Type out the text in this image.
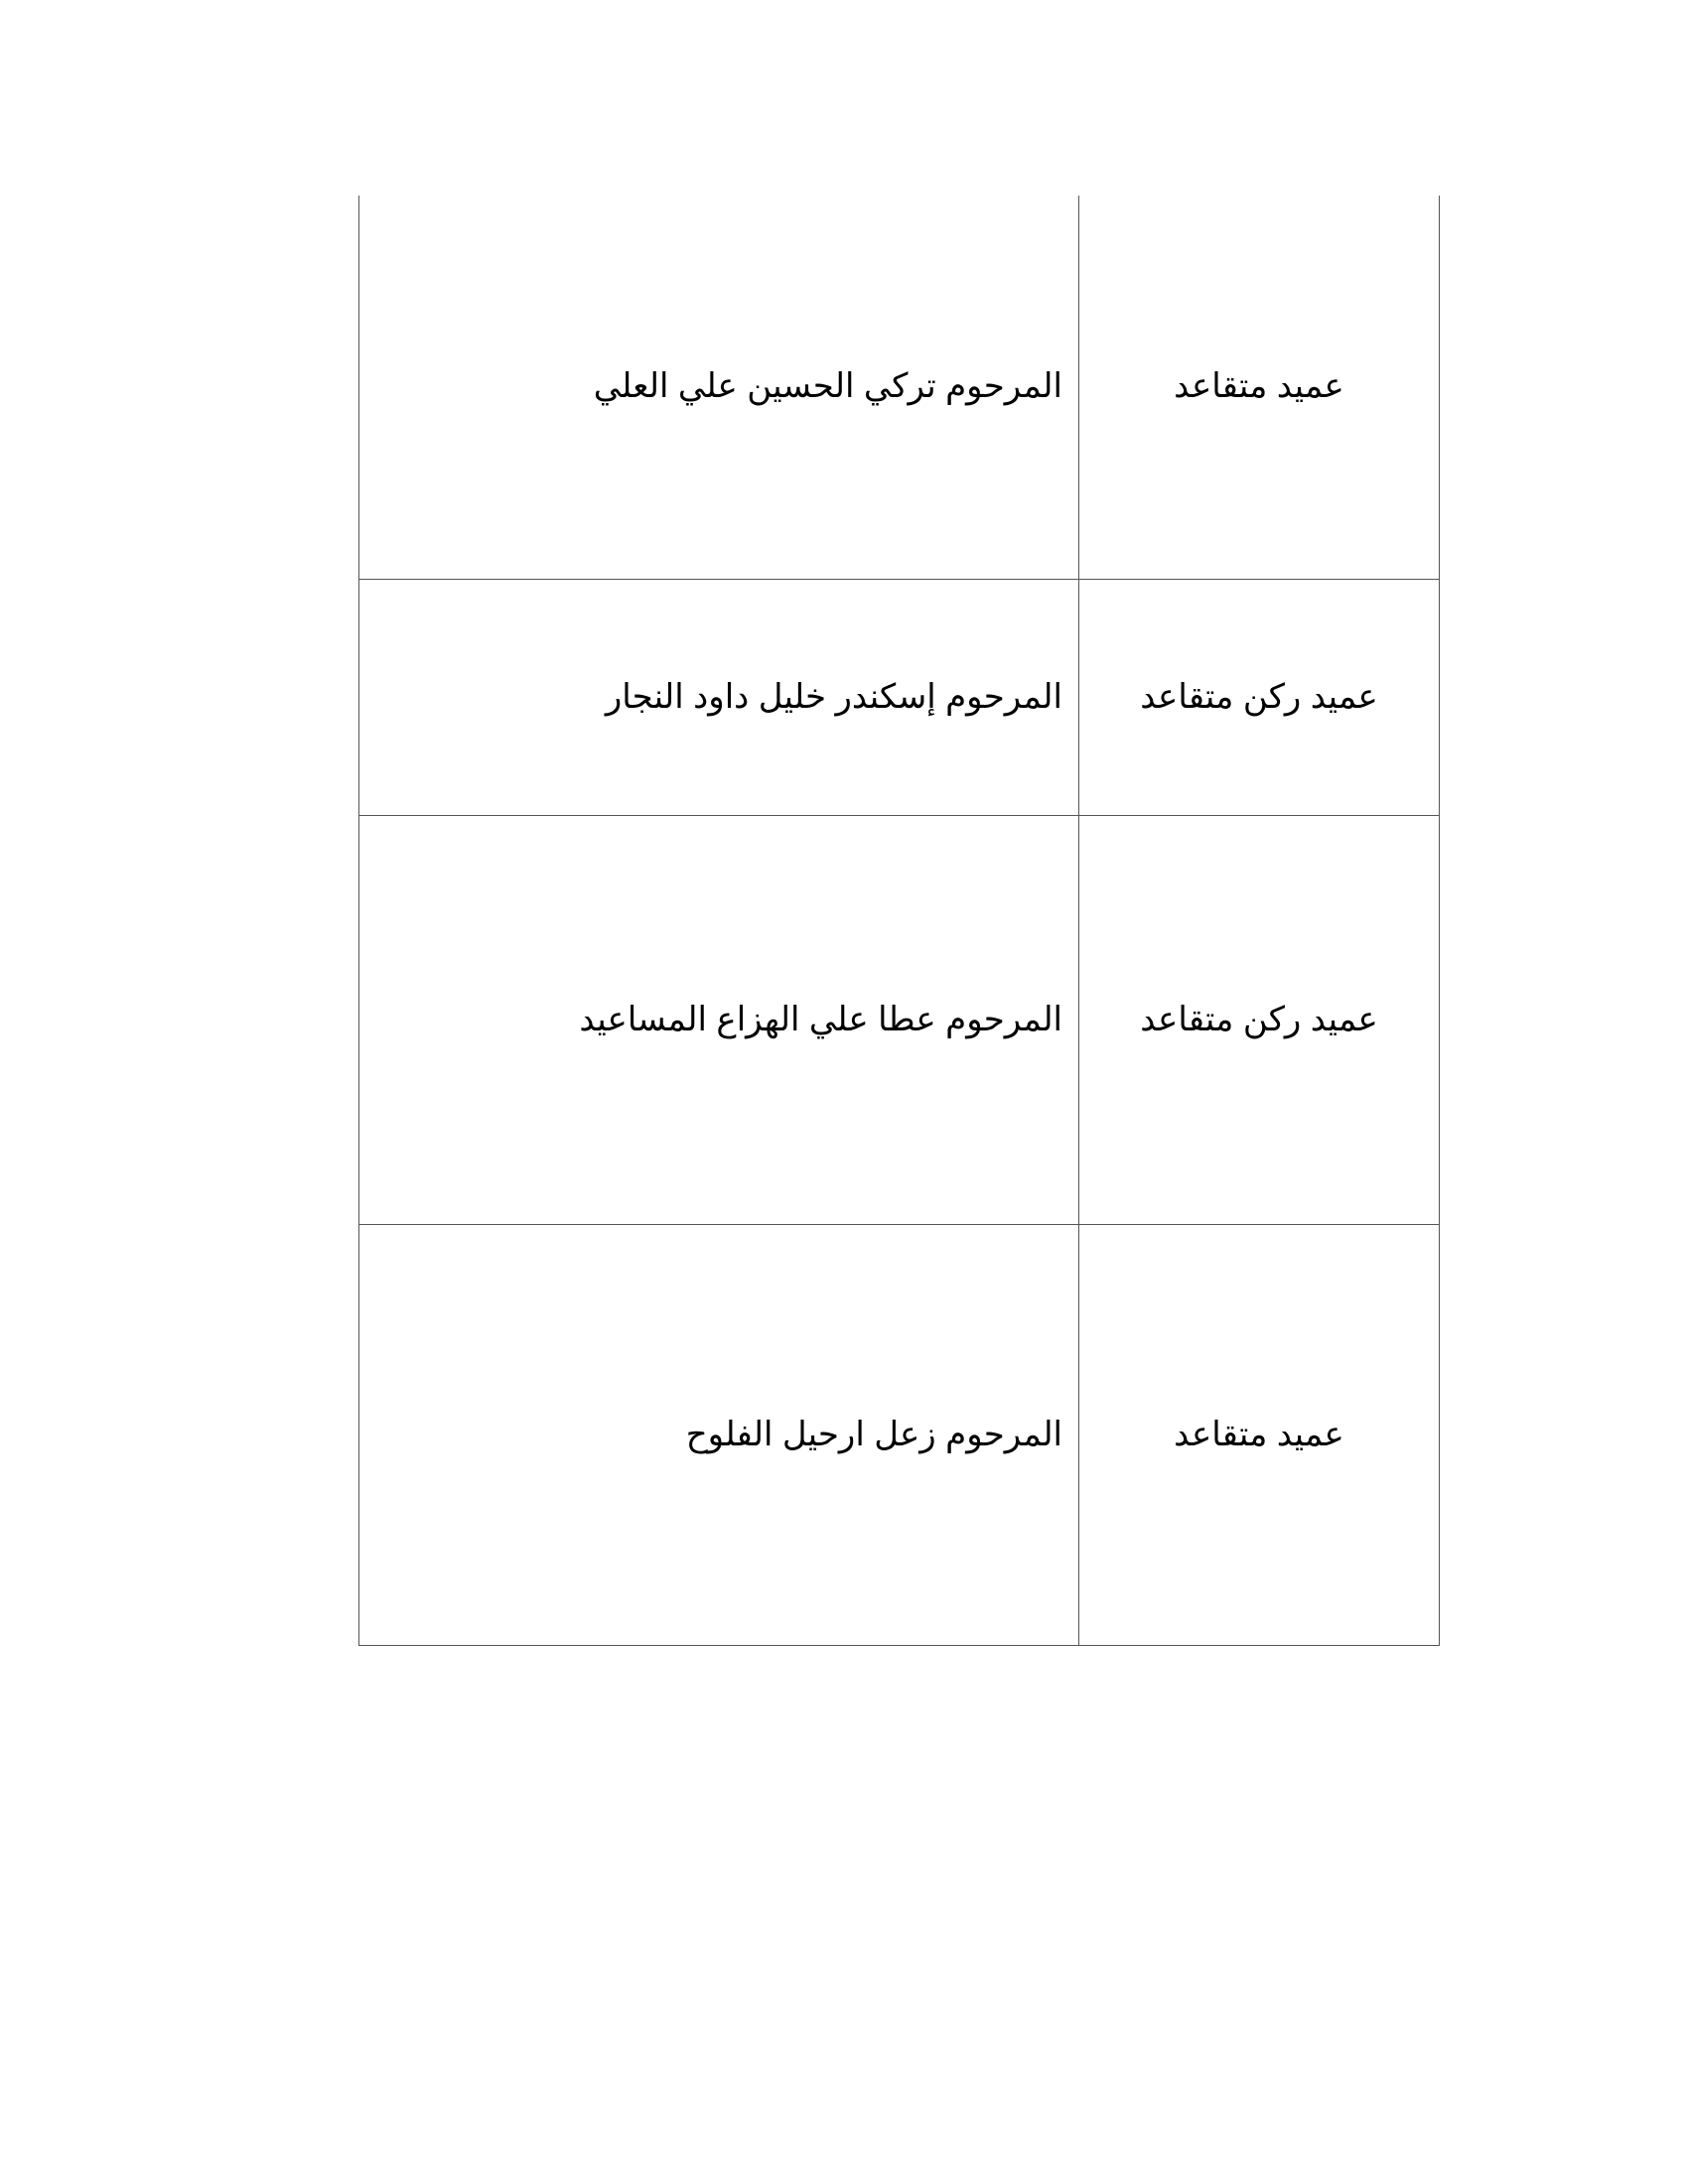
عميد متقاعد	المرحوم تركي الحسين علي العلي
عميد ركن متقاعد	المرحوم إسكندر خليل داود النجار
عميد ركن متقاعد	المرحوم عطا علي الهزاع المساعيد
عميد متقاعد	المرحوم زعل ارحيل الفلوح
